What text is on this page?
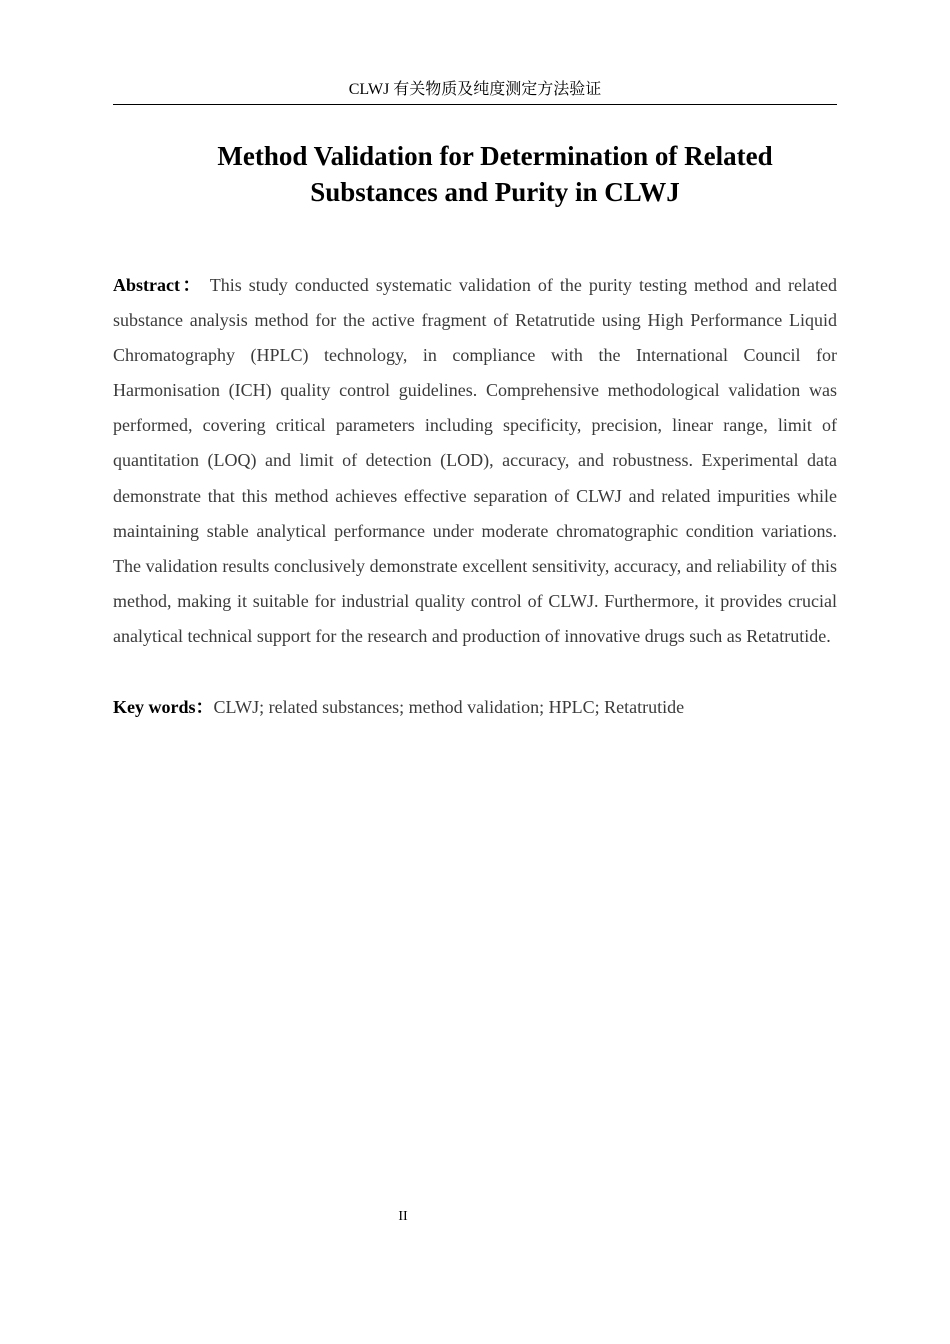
CLWJ 有关物质及纯度测定方法验证
Method Validation for Determination of Related
Substances and Purity in CLWJ
Abstract： This study conducted systematic validation of the purity testing method and related substance analysis method for the active fragment of Retatrutide using High Performance Liquid Chromatography (HPLC) technology, in compliance with the International Council for Harmonisation (ICH) quality control guidelines. Comprehensive methodological validation was performed, covering critical parameters including specificity, precision, linear range, limit of quantitation (LOQ) and limit of detection (LOD), accuracy, and robustness. Experimental data demonstrate that this method achieves effective separation of CLWJ and related impurities while maintaining stable analytical performance under moderate chromatographic condition variations. The validation results conclusively demonstrate excellent sensitivity, accuracy, and reliability of this method, making it suitable for industrial quality control of CLWJ. Furthermore, it provides crucial analytical technical support for the research and production of innovative drugs such as Retatrutide.
Key words：CLWJ; related substances; method validation; HPLC; Retatrutide
II
